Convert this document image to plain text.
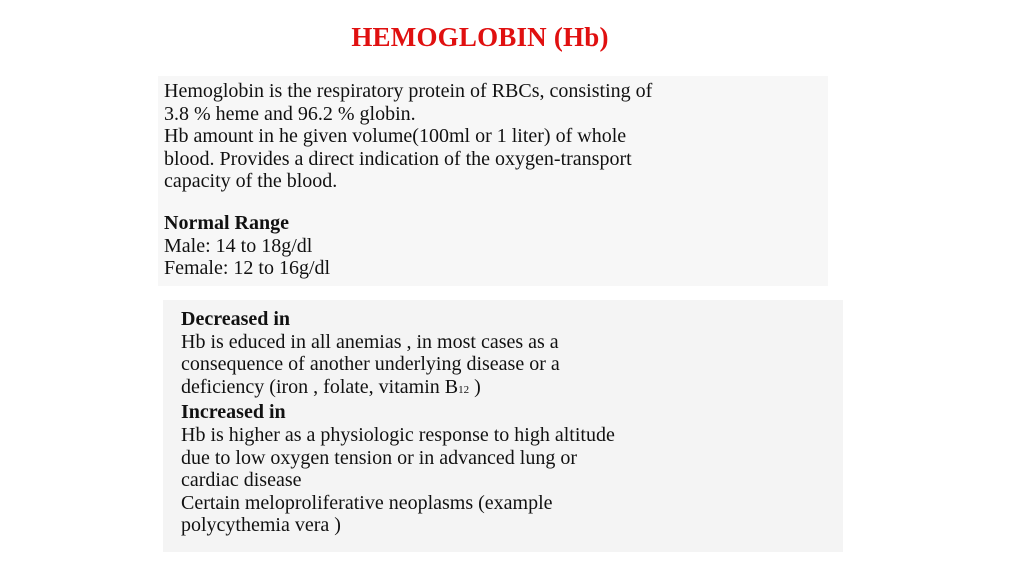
HEMOGLOBIN (Hb)
Hemoglobin is the respiratory protein of RBCs, consisting of
3.8 % heme and 96.2 % globin.
Hb amount in he given volume(100ml or 1 liter) of whole
blood. Provides a direct indication of the oxygen-transport
capacity of the blood.
Normal Range
Male: 14 to 18g/dl
Female: 12 to 16g/dl
Decreased in
Hb is educed in all anemias , in most cases as a
consequence of another underlying disease or a
deficiency (iron , folate, vitamin B12 )
Increased in
Hb is higher as a physiologic response to high altitude
due to low oxygen tension or in advanced lung or
cardiac disease
Certain meloproliferative neoplasms (example
polycythemia vera )
